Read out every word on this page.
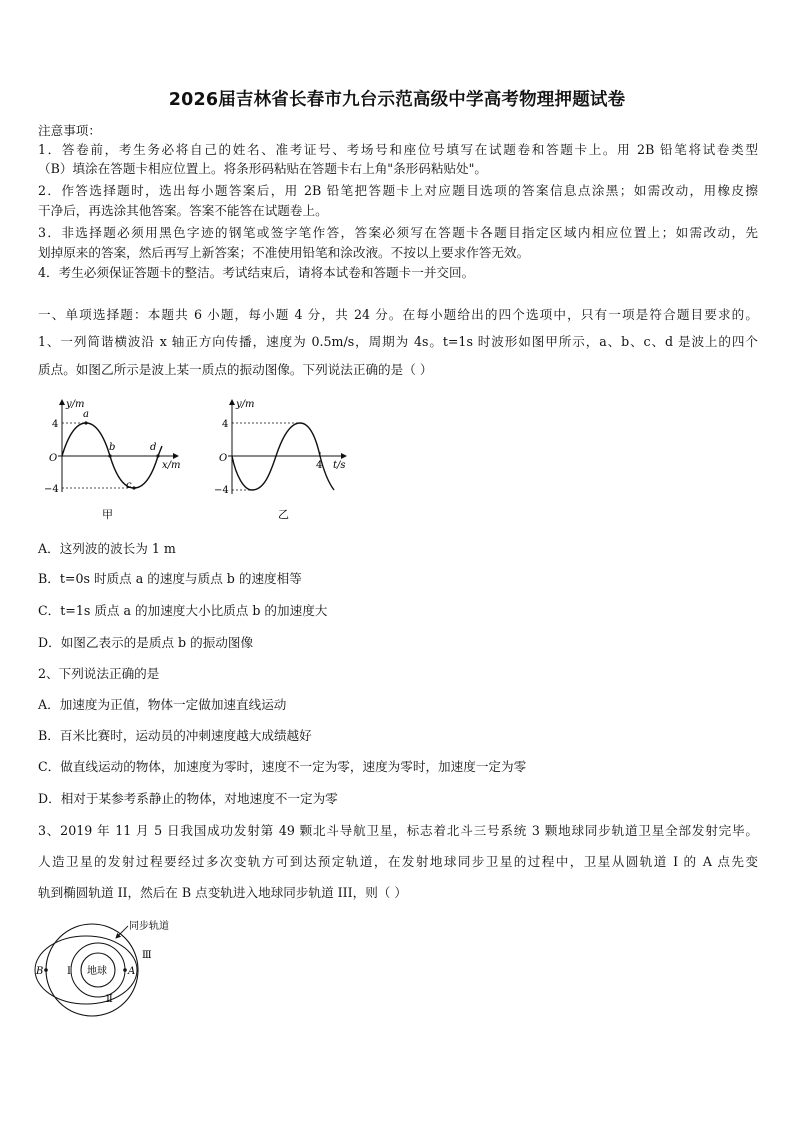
2026届吉林省长春市九台示范高级中学高考物理押题试卷
注意事项：
1．答卷前，考生务必将自己的姓名、准考证号、考场号和座位号填写在试题卷和答题卡上。用 2B 铅笔将试卷类型
（B）填涂在答题卡相应位置上。将条形码粘贴在答题卡右上角"条形码粘贴处"。
2．作答选择题时，选出每小题答案后，用 2B 铅笔把答题卡上对应题目选项的答案信息点涂黑；如需改动，用橡皮擦
干净后，再选涂其他答案。答案不能答在试题卷上。
3．非选择题必须用黑色字迹的钢笔或签字笔作答，答案必须写在答题卡各题目指定区域内相应位置上；如需改动，先
划掉原来的答案，然后再写上新答案；不准使用铅笔和涂改液。不按以上要求作答无效。
4．考生必须保证答题卡的整洁。考试结束后，请将本试卷和答题卡一并交回。
一、单项选择题：本题共 6 小题，每小题 4 分，共 24 分。在每小题给出的四个选项中，只有一项是符合题目要求的。
1、一列简谐横波沿 x 轴正方向传播，速度为 0.5m/s，周期为 4s。t=1s 时波形如图甲所示，a、b、c、d 是波上的四个
质点。如图乙所示是波上某一质点的振动图像。下列说法正确的是（ ）
y/m
x/m
O
4
−4
a
b
c
d
甲
y/m
t/s
O
4
−4
4
乙
A．这列波的波长为 1 m
B．t=0s 时质点 a 的速度与质点 b 的速度相等
C．t=1s 质点 a 的加速度大小比质点 b 的加速度大
D．如图乙表示的是质点 b 的振动图像
2、下列说法正确的是
A．加速度为正值，物体一定做加速直线运动
B．百米比赛时，运动员的冲刺速度越大成绩越好
C．做直线运动的物体，加速度为零时，速度不一定为零，速度为零时，加速度一定为零
D．相对于某参考系静止的物体，对地速度不一定为零
3、2019 年 11 月 5 日我国成功发射第 49 颗北斗导航卫星，标志着北斗三号系统 3 颗地球同步轨道卫星全部发射完毕。
人造卫星的发射过程要经过多次变轨方可到达预定轨道，在发射地球同步卫星的过程中，卫星从圆轨道 I 的 A 点先变
轨到椭圆轨道 II，然后在 B 点变轨进入地球同步轨道 III，则（ ）
同步轨道
地球 A
B I
Ⅱ
Ⅲ
